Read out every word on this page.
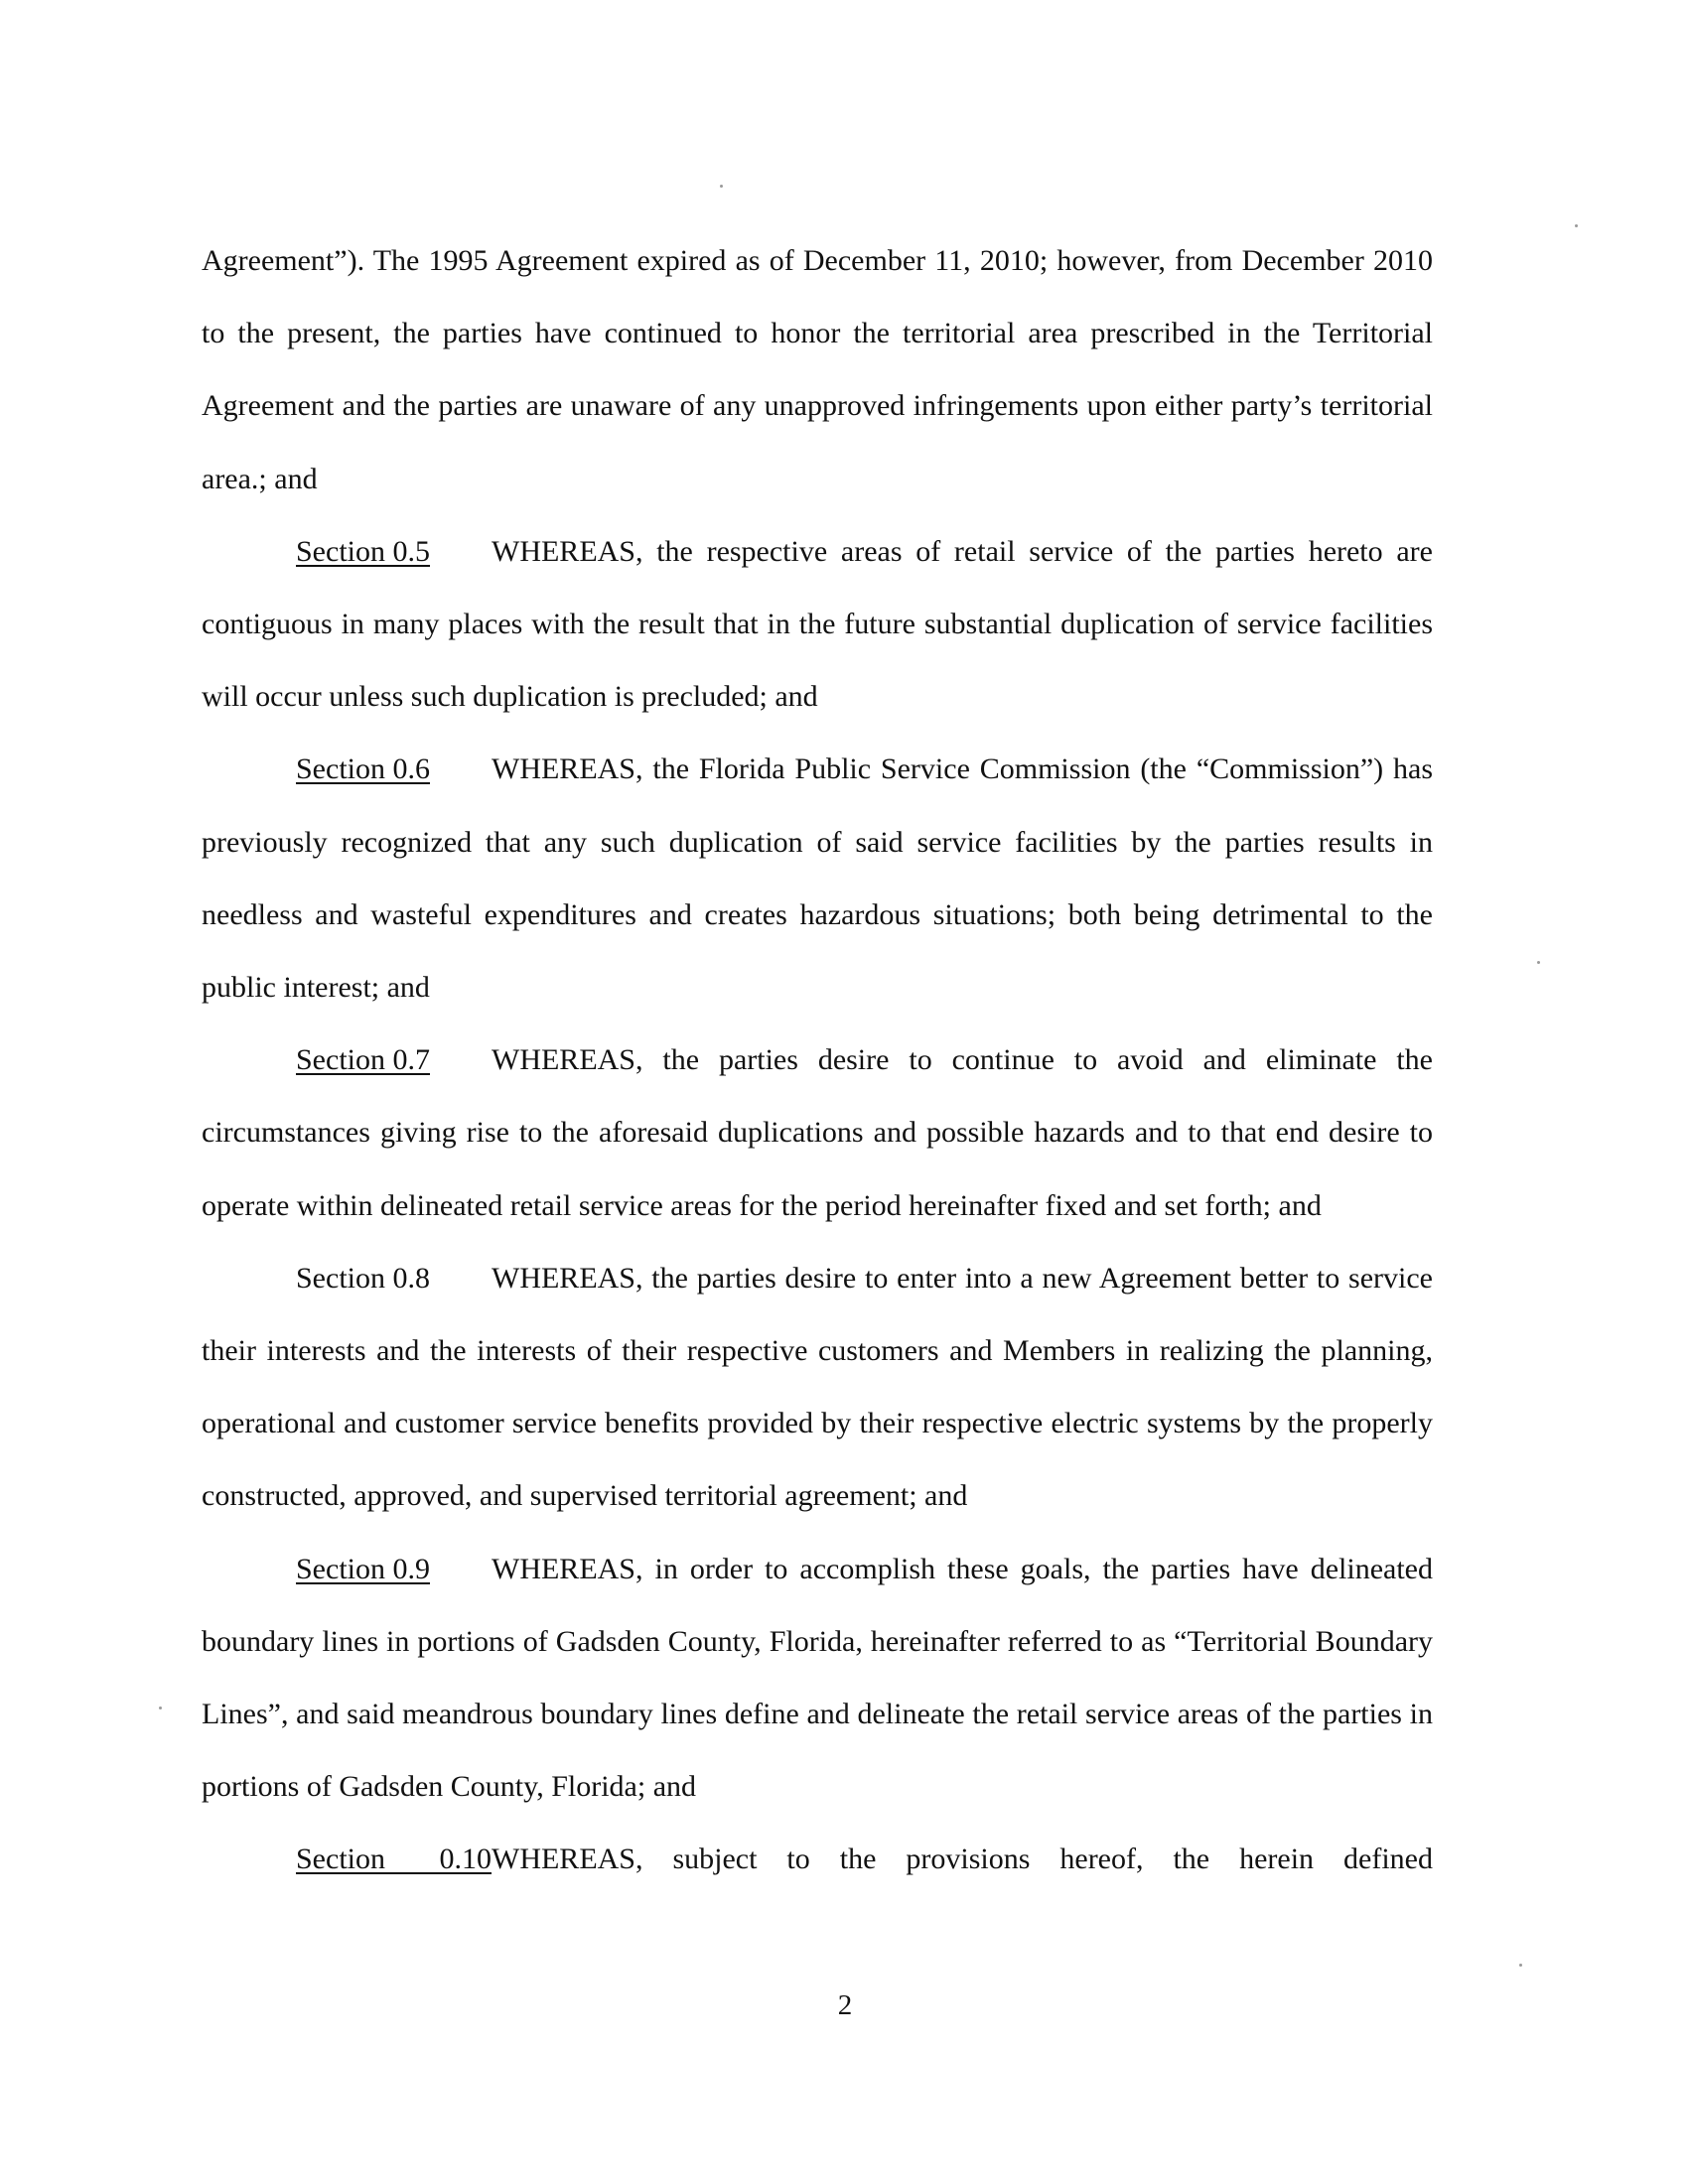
Agreement”). The 1995 Agreement expired as of December 11, 2010; however, from December 2010 to the present, the parties have continued to honor the territorial area prescribed in the Territorial Agreement and the parties are unaware of any unapproved infringements upon either party’s territorial area.; and

Section 0.5 WHEREAS, the respective areas of retail service of the parties hereto are contiguous in many places with the result that in the future substantial duplication of service facilities will occur unless such duplication is precluded; and

Section 0.6 WHEREAS, the Florida Public Service Commission (the “Commission”) has previously recognized that any such duplication of said service facilities by the parties results in needless and wasteful expenditures and creates hazardous situations; both being detrimental to the public interest; and

Section 0.7 WHEREAS, the parties desire to continue to avoid and eliminate the circumstances giving rise to the aforesaid duplications and possible hazards and to that end desire to operate within delineated retail service areas for the period hereinafter fixed and set forth; and

Section 0.8 WHEREAS, the parties desire to enter into a new Agreement better to service their interests and the interests of their respective customers and Members in realizing the planning, operational and customer service benefits provided by their respective electric systems by the properly constructed, approved, and supervised territorial agreement; and

Section 0.9 WHEREAS, in order to accomplish these goals, the parties have delineated boundary lines in portions of Gadsden County, Florida, hereinafter referred to as “Territorial Boundary Lines”, and said meandrous boundary lines define and delineate the retail service areas of the parties in portions of Gadsden County, Florida; and

Section 0.10WHEREAS, subject to the provisions hereof, the herein defined

2
